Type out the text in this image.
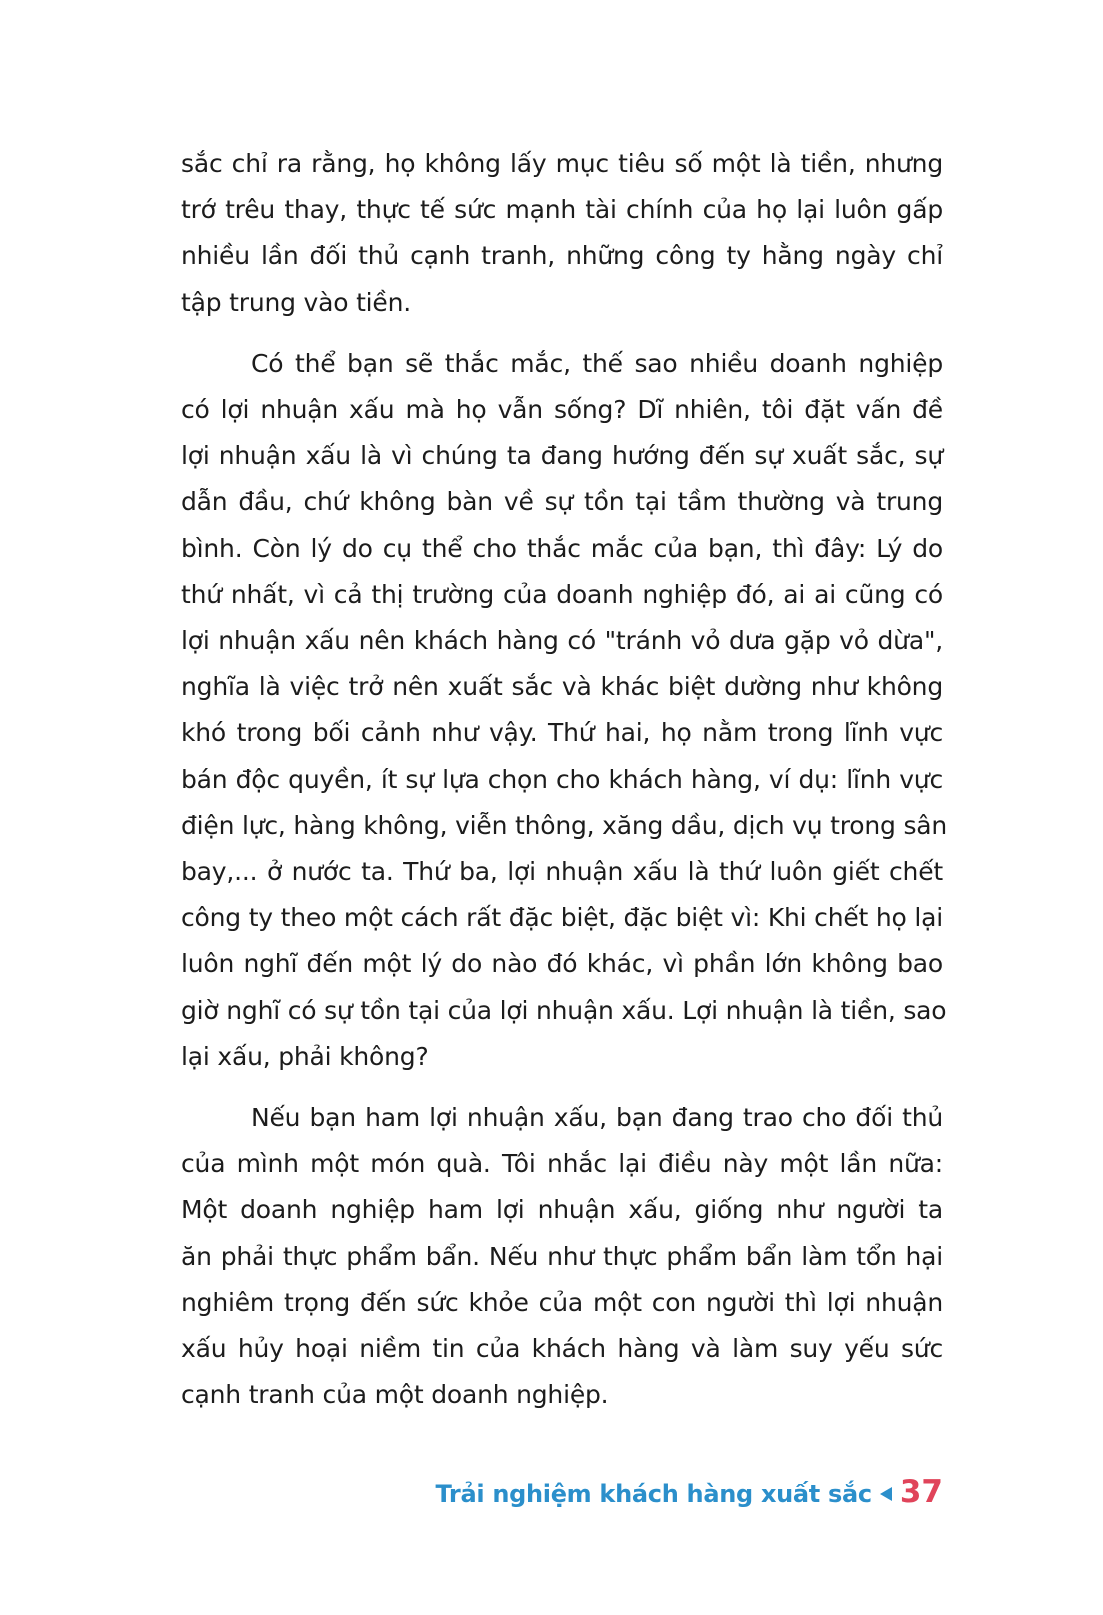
sắc chỉ ra rằng, họ không lấy mục tiêu số một là tiền, nhưng
trớ trêu thay, thực tế sức mạnh tài chính của họ lại luôn gấp
nhiều lần đối thủ cạnh tranh, những công ty hằng ngày chỉ
tập trung vào tiền.

Có thể bạn sẽ thắc mắc, thế sao nhiều doanh nghiệp
có lợi nhuận xấu mà họ vẫn sống? Dĩ nhiên, tôi đặt vấn đề
lợi nhuận xấu là vì chúng ta đang hướng đến sự xuất sắc, sự
dẫn đầu, chứ không bàn về sự tồn tại tầm thường và trung
bình. Còn lý do cụ thể cho thắc mắc của bạn, thì đây: Lý do
thứ nhất, vì cả thị trường của doanh nghiệp đó, ai ai cũng có
lợi nhuận xấu nên khách hàng có "tránh vỏ dưa gặp vỏ dừa",
nghĩa là việc trở nên xuất sắc và khác biệt dường như không
khó trong bối cảnh như vậy. Thứ hai, họ nằm trong lĩnh vực
bán độc quyền, ít sự lựa chọn cho khách hàng, ví dụ: lĩnh vực
điện lực, hàng không, viễn thông, xăng dầu, dịch vụ trong sân
bay,... ở nước ta. Thứ ba, lợi nhuận xấu là thứ luôn giết chết
công ty theo một cách rất đặc biệt, đặc biệt vì: Khi chết họ lại
luôn nghĩ đến một lý do nào đó khác, vì phần lớn không bao
giờ nghĩ có sự tồn tại của lợi nhuận xấu. Lợi nhuận là tiền, sao
lại xấu, phải không?

Nếu bạn ham lợi nhuận xấu, bạn đang trao cho đối thủ
của mình một món quà. Tôi nhắc lại điều này một lần nữa:
Một doanh nghiệp ham lợi nhuận xấu, giống như người ta
ăn phải thực phẩm bẩn. Nếu như thực phẩm bẩn làm tổn hại
nghiêm trọng đến sức khỏe của một con người thì lợi nhuận
xấu hủy hoại niềm tin của khách hàng và làm suy yếu sức
cạnh tranh của một doanh nghiệp.

Trải nghiệm khách hàng xuất sắc 37
